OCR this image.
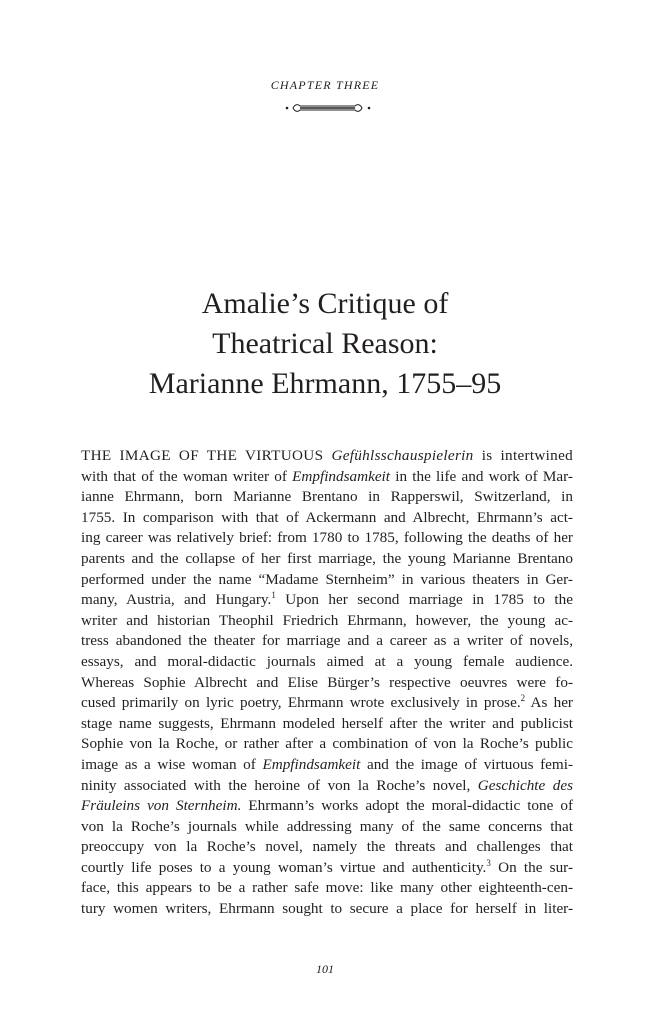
CHAPTER THREE
Amalie’s Critique of
Theatrical Reason:
Marianne Ehrmann, 1755–95
THE IMAGE OF THE VIRTUOUS Gefühlsschauspielerin is intertwined
with that of the woman writer of Empfindsamkeit in the life and work of Mar-
ianne Ehrmann, born Marianne Brentano in Rapperswil, Switzerland, in
1755. In comparison with that of Ackermann and Albrecht, Ehrmann’s act-
ing career was relatively brief: from 1780 to 1785, following the deaths of her
parents and the collapse of her first marriage, the young Marianne Brentano
performed under the name “Madame Sternheim” in various theaters in Ger-
many, Austria, and Hungary.$^1$ Upon her second marriage in 1785 to the
writer and historian Theophil Friedrich Ehrmann, however, the young ac-
tress abandoned the theater for marriage and a career as a writer of novels,
essays, and moral-didactic journals aimed at a young female audience.
Whereas Sophie Albrecht and Elise Bürger’s respective oeuvres were fo-
cused primarily on lyric poetry, Ehrmann wrote exclusively in prose.$^2$ As her
stage name suggests, Ehrmann modeled herself after the writer and publicist
Sophie von la Roche, or rather after a combination of von la Roche’s public
image as a wise woman of Empfindsamkeit and the image of virtuous femi-
ninity associated with the heroine of von la Roche’s novel, Geschichte des
Fräuleins von Sternheim. Ehrmann’s works adopt the moral-didactic tone of
von la Roche’s journals while addressing many of the same concerns that
preoccupy von la Roche’s novel, namely the threats and challenges that
courtly life poses to a young woman’s virtue and authenticity.$^3$ On the sur-
face, this appears to be a rather safe move: like many other eighteenth-cen-
tury women writers, Ehrmann sought to secure a place for herself in liter-
101
